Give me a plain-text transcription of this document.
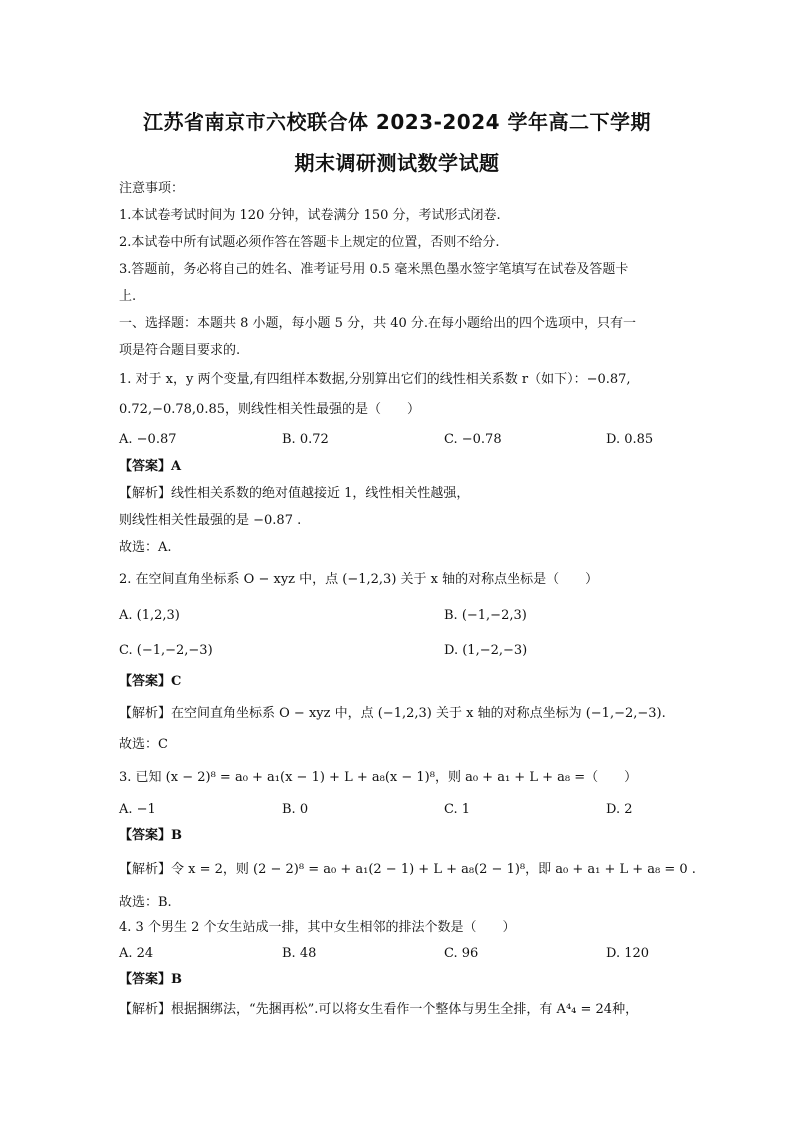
江苏省南京市六校联合体 2023-2024 学年高二下学期
期末调研测试数学试题
注意事项：
1.本试卷考试时间为 120 分钟，试卷满分 150 分，考试形式闭卷.
2.本试卷中所有试题必须作答在答题卡上规定的位置，否则不给分.
3.答题前，务必将自己的姓名、准考证号用 0.5 毫米黑色墨水签字笔填写在试卷及答题卡
上.
一、选择题：本题共 8 小题，每小题 5 分，共 40 分.在每小题给出的四个选项中，只有一
项是符合题目要求的.
1. 对于 x，y 两个变量,有四组样本数据,分别算出它们的线性相关系数 r（如下）：−0.87,
0.72,−0.78,0.85，则线性相关性最强的是（　　）
A. −0.87	B. 0.72	C. −0.78	D. 0.85
【答案】A
【解析】线性相关系数的绝对值越接近 1，线性相关性越强，
则线性相关性最强的是 −0.87 .
故选：A.
2. 在空间直角坐标系 O − xyz 中，点 (−1,2,3) 关于 x 轴的对称点坐标是（　　）
A. (1,2,3)	B. (−1,−2,3)
C. (−1,−2,−3)	D. (1,−2,−3)
【答案】C
【解析】在空间直角坐标系 O − xyz 中，点 (−1,2,3) 关于 x 轴的对称点坐标为 (−1,−2,−3).
故选：C
3. 已知 (x − 2)⁸ = a₀ + a₁(x − 1) + L + a₈(x − 1)⁸，则 a₀ + a₁ + L + a₈ =（　　）
A. −1	B. 0	C. 1	D. 2
【答案】B
【解析】令 x = 2，则 (2 − 2)⁸ = a₀ + a₁(2 − 1) + L + a₈(2 − 1)⁸，即 a₀ + a₁ + L + a₈ = 0 .
故选：B.
4. 3 个男生 2 个女生站成一排，其中女生相邻的排法个数是（　　）
A. 24	B. 48	C. 96	D. 120
【答案】B
【解析】根据捆绑法，“先捆再松”.可以将女生看作一个整体与男生全排，有 A⁴₄ = 24种，
